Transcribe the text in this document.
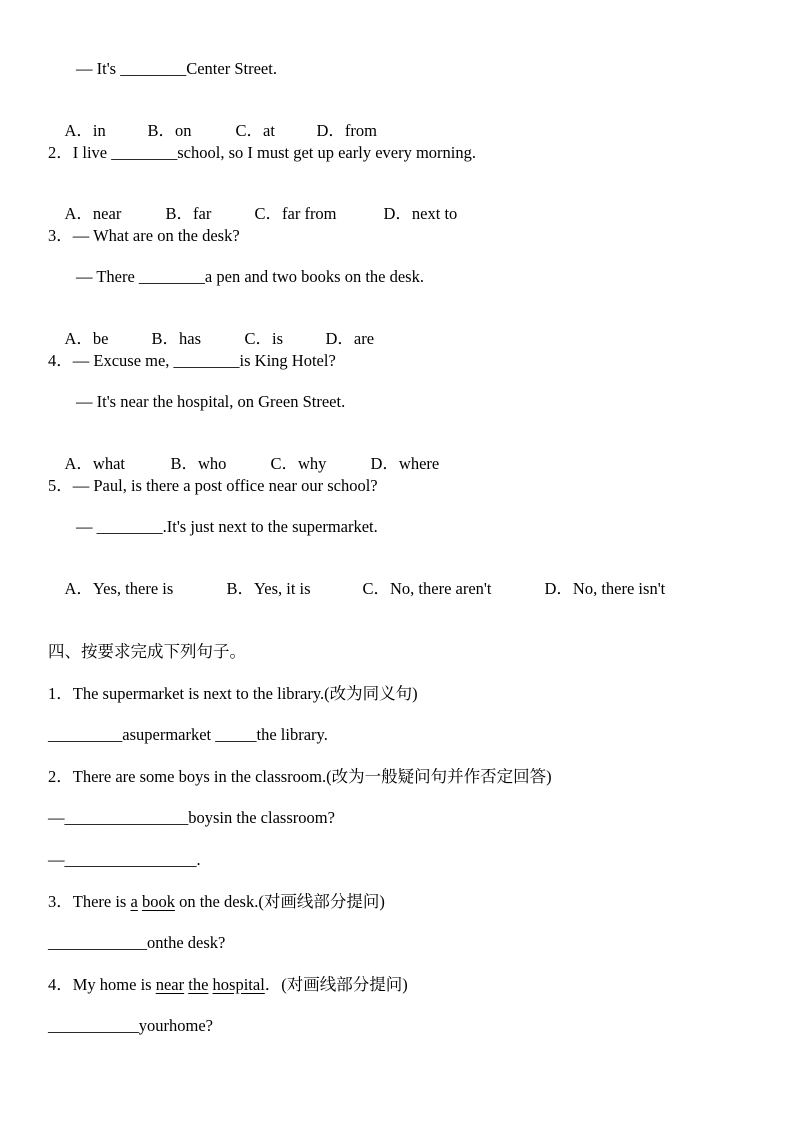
— It's ________Center Street.

A．in	B．on	C．at	D．from

2．I live ________school, so I must get up early every morning.

A．near	B．far	C．far from	D．next to

3．— What are on the desk?
— There ________a pen and two books on the desk.

A．be	B．has	C．is	D．are

4．— Excuse me, ________is King Hotel?
— It's near the hospital, on Green Street.

A．what	B．who	C．why	D．where

5．— Paul, is there a post office near our school?
— ________.It's just next to the supermarket.

A．Yes, there is	B．Yes, it is	C．No, there aren't	D．No, there isn't

四、按要求完成下列句子。
1．The supermarket is next to the library.(改为同义句)
_________asupermarket _____the library.
2．There are some boys in the classroom.(改为一般疑问句并作否定回答)
—_______________boysin the classroom?
—________________.
3．There is a book on the desk.(对画线部分提问)
____________onthe desk?
4．My home is near the hospital．(对画线部分提问)
___________yourhome?
